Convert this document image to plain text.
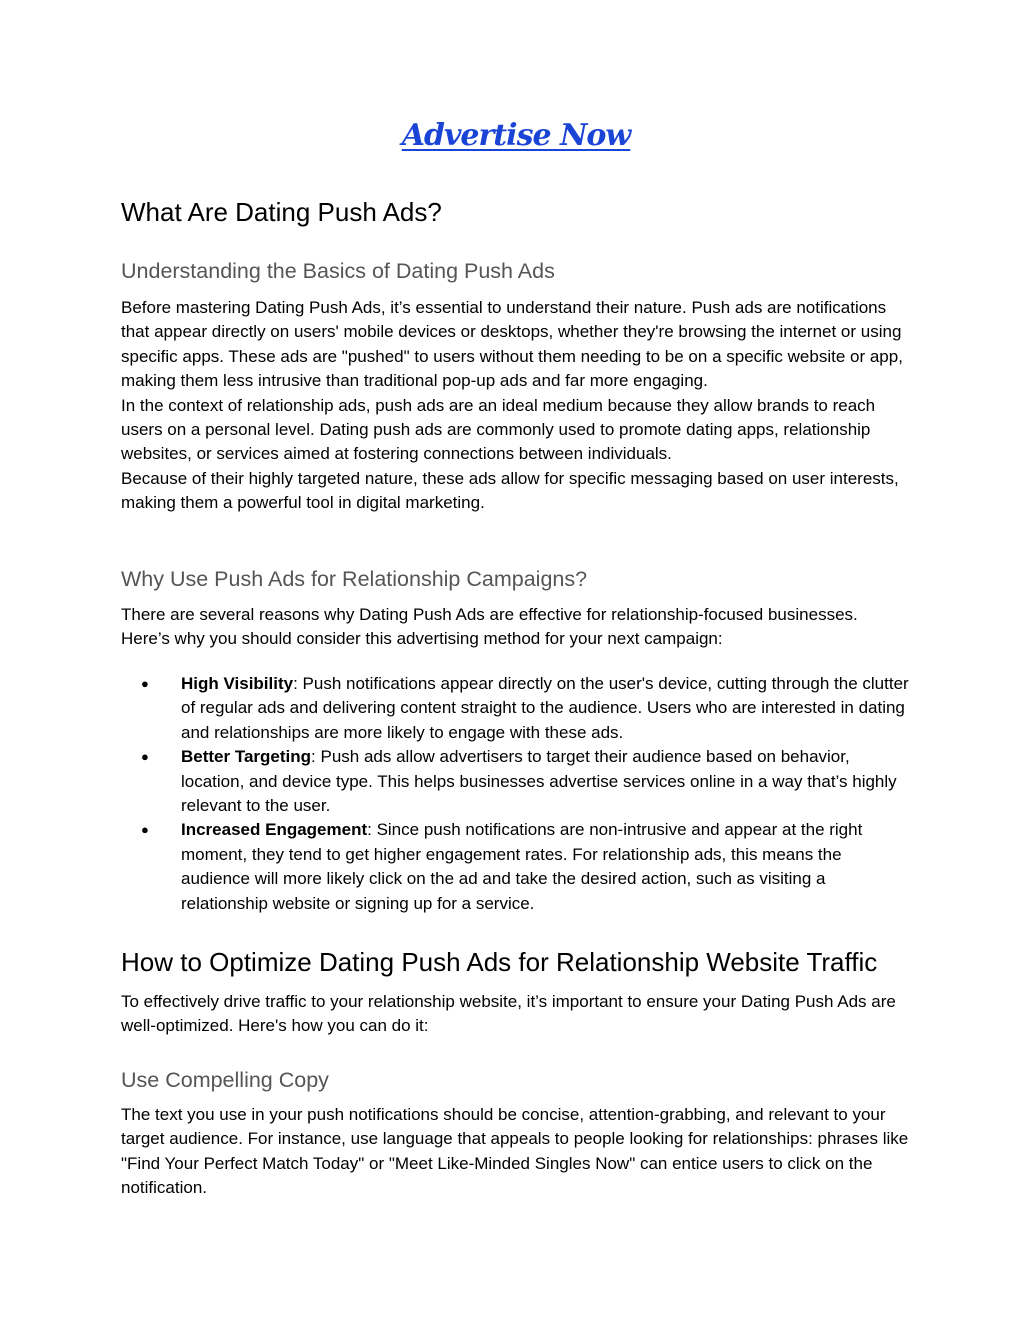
Advertise Now
What Are Dating Push Ads?
Understanding the Basics of Dating Push Ads

Before mastering Dating Push Ads, it’s essential to understand their nature. Push ads are notifications that appear directly on users' mobile devices or desktops, whether they're browsing the internet or using specific apps. These ads are "pushed" to users without them needing to be on a specific website or app, making them less intrusive than traditional pop-up ads and far more engaging.

In the context of relationship ads, push ads are an ideal medium because they allow brands to reach users on a personal level. Dating push ads are commonly used to promote dating apps, relationship websites, or services aimed at fostering connections between individuals.

Because of their highly targeted nature, these ads allow for specific messaging based on user interests, making them a powerful tool in digital marketing.

Why Use Push Ads for Relationship Campaigns?

There are several reasons why Dating Push Ads are effective for relationship-focused businesses. Here’s why you should consider this advertising method for your next campaign:

● High Visibility: Push notifications appear directly on the user's device, cutting through the clutter of regular ads and delivering content straight to the audience. Users who are interested in dating and relationships are more likely to engage with these ads.
● Better Targeting: Push ads allow advertisers to target their audience based on behavior, location, and device type. This helps businesses advertise services online in a way that’s highly relevant to the user.
● Increased Engagement: Since push notifications are non-intrusive and appear at the right moment, they tend to get higher engagement rates. For relationship ads, this means the audience will more likely click on the ad and take the desired action, such as visiting a relationship website or signing up for a service.
How to Optimize Dating Push Ads for Relationship Website Traffic

To effectively drive traffic to your relationship website, it’s important to ensure your Dating Push Ads are well-optimized. Here's how you can do it:

Use Compelling Copy

The text you use in your push notifications should be concise, attention-grabbing, and relevant to your target audience. For instance, use language that appeals to people looking for relationships: phrases like "Find Your Perfect Match Today" or "Meet Like-Minded Singles Now" can entice users to click on the notification.
